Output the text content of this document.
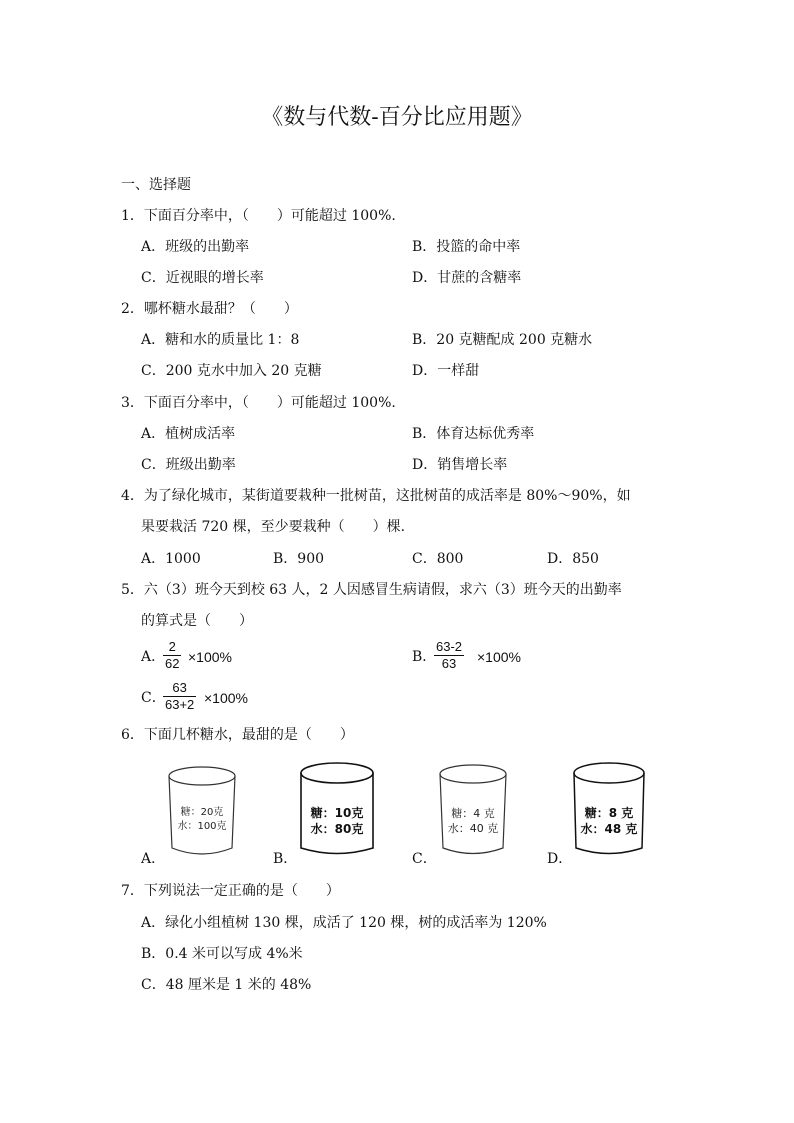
《数与代数-百分比应用题》
一、选择题
1．下面百分率中，（　　）可能超过 100%.
A．班级的出勤率	B．投篮的命中率
C．近视眼的增长率	D．甘蔗的含糖率
2．哪杯糖水最甜？（　　）
A．糖和水的质量比 1：8	B．20 克糖配成 200 克糖水
C．200 克水中加入 20 克糖	D．一样甜
3．下面百分率中，（　　）可能超过 100%.
A．植树成活率	B．体育达标优秀率
C．班级出勤率	D．销售增长率
4．为了绿化城市，某街道要栽种一批树苗，这批树苗的成活率是 80%～90%，如
果要栽活 720 棵，至少要栽种（　　）棵.
A．1000	B．900	C．800	D．850
5．六（3）班今天到校 63 人，2 人因感冒生病请假，求六（3）班今天的出勤率
的算式是（　　）
A．
2
62 ×100%	B．
63-2
63	×100%
C．
63
63+2 ×100%
6．下面几杯糖水，最甜的是（　　）
A．
糖：20克
水：100克
B．
糖：10克
水：80克
C．
糖：4 克
水：40 克
D．
糖：8 克
水：48 克
7．下列说法一定正确的是（　　）
A．绿化小组植树 130 棵，成活了 120 棵，树的成活率为 120%
B．0.4 米可以写成 4%米
C．48 厘米是 1 米的 48%
